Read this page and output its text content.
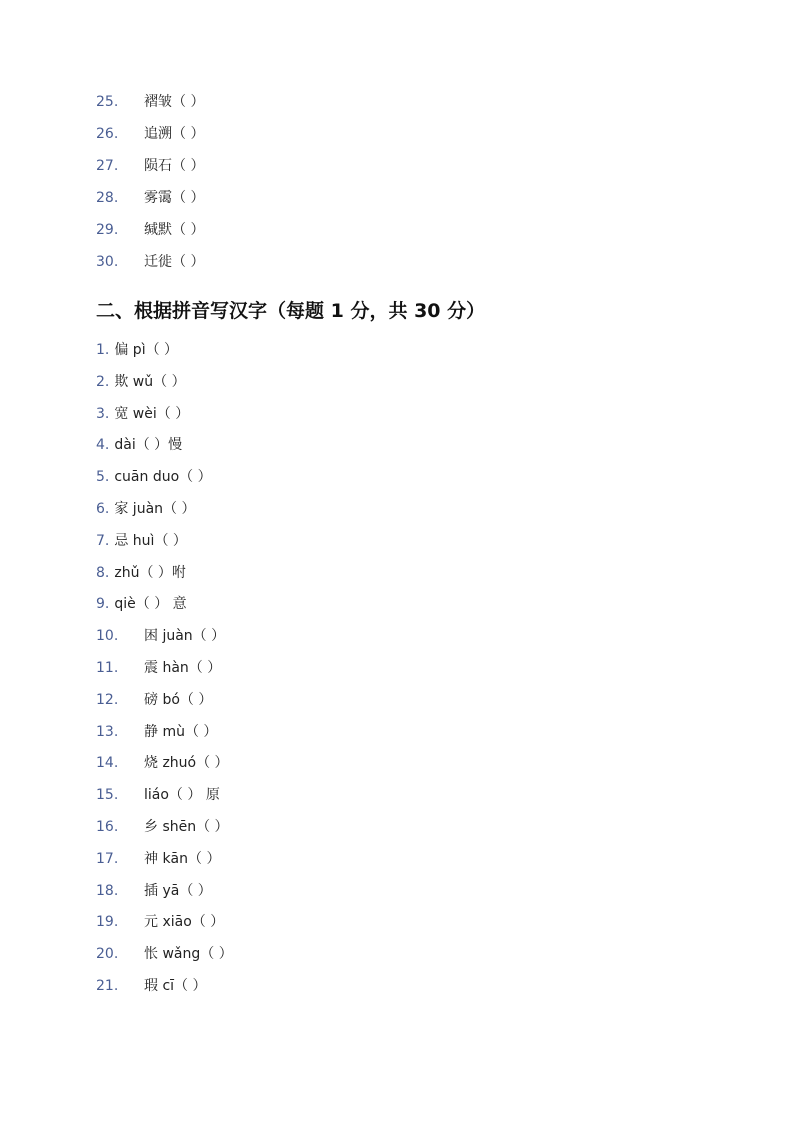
25. 褶皱（ ）
26. 追溯（ ）
27. 陨石（ ）
28. 雾霭（ ）
29. 缄默（ ）
30. 迁徙（ ）
二、根据拼音写汉字（每题 1 分，共 30 分）
1. 偏 pì（ ）
2. 欺 wǔ（ ）
3. 宽 wèi（ ）
4. dài（ ）慢
5. cuān duo（ ）
6. 家 juàn（ ）
7. 忌 huì（ ）
8. zhǔ（ ）咐
9. qiè（ ） 意
10. 困 juàn（ ）
11. 震 hàn（ ）
12. 磅 bó（ ）
13. 静 mù（ ）
14. 烧 zhuó（ ）
15. liáo（ ） 原
16. 乡 shēn（ ）
17. 神 kān（ ）
18. 插 yā（ ）
19. 元 xiāo（ ）
20. 怅 wǎng（ ）
21. 瑕 cī（ ）
